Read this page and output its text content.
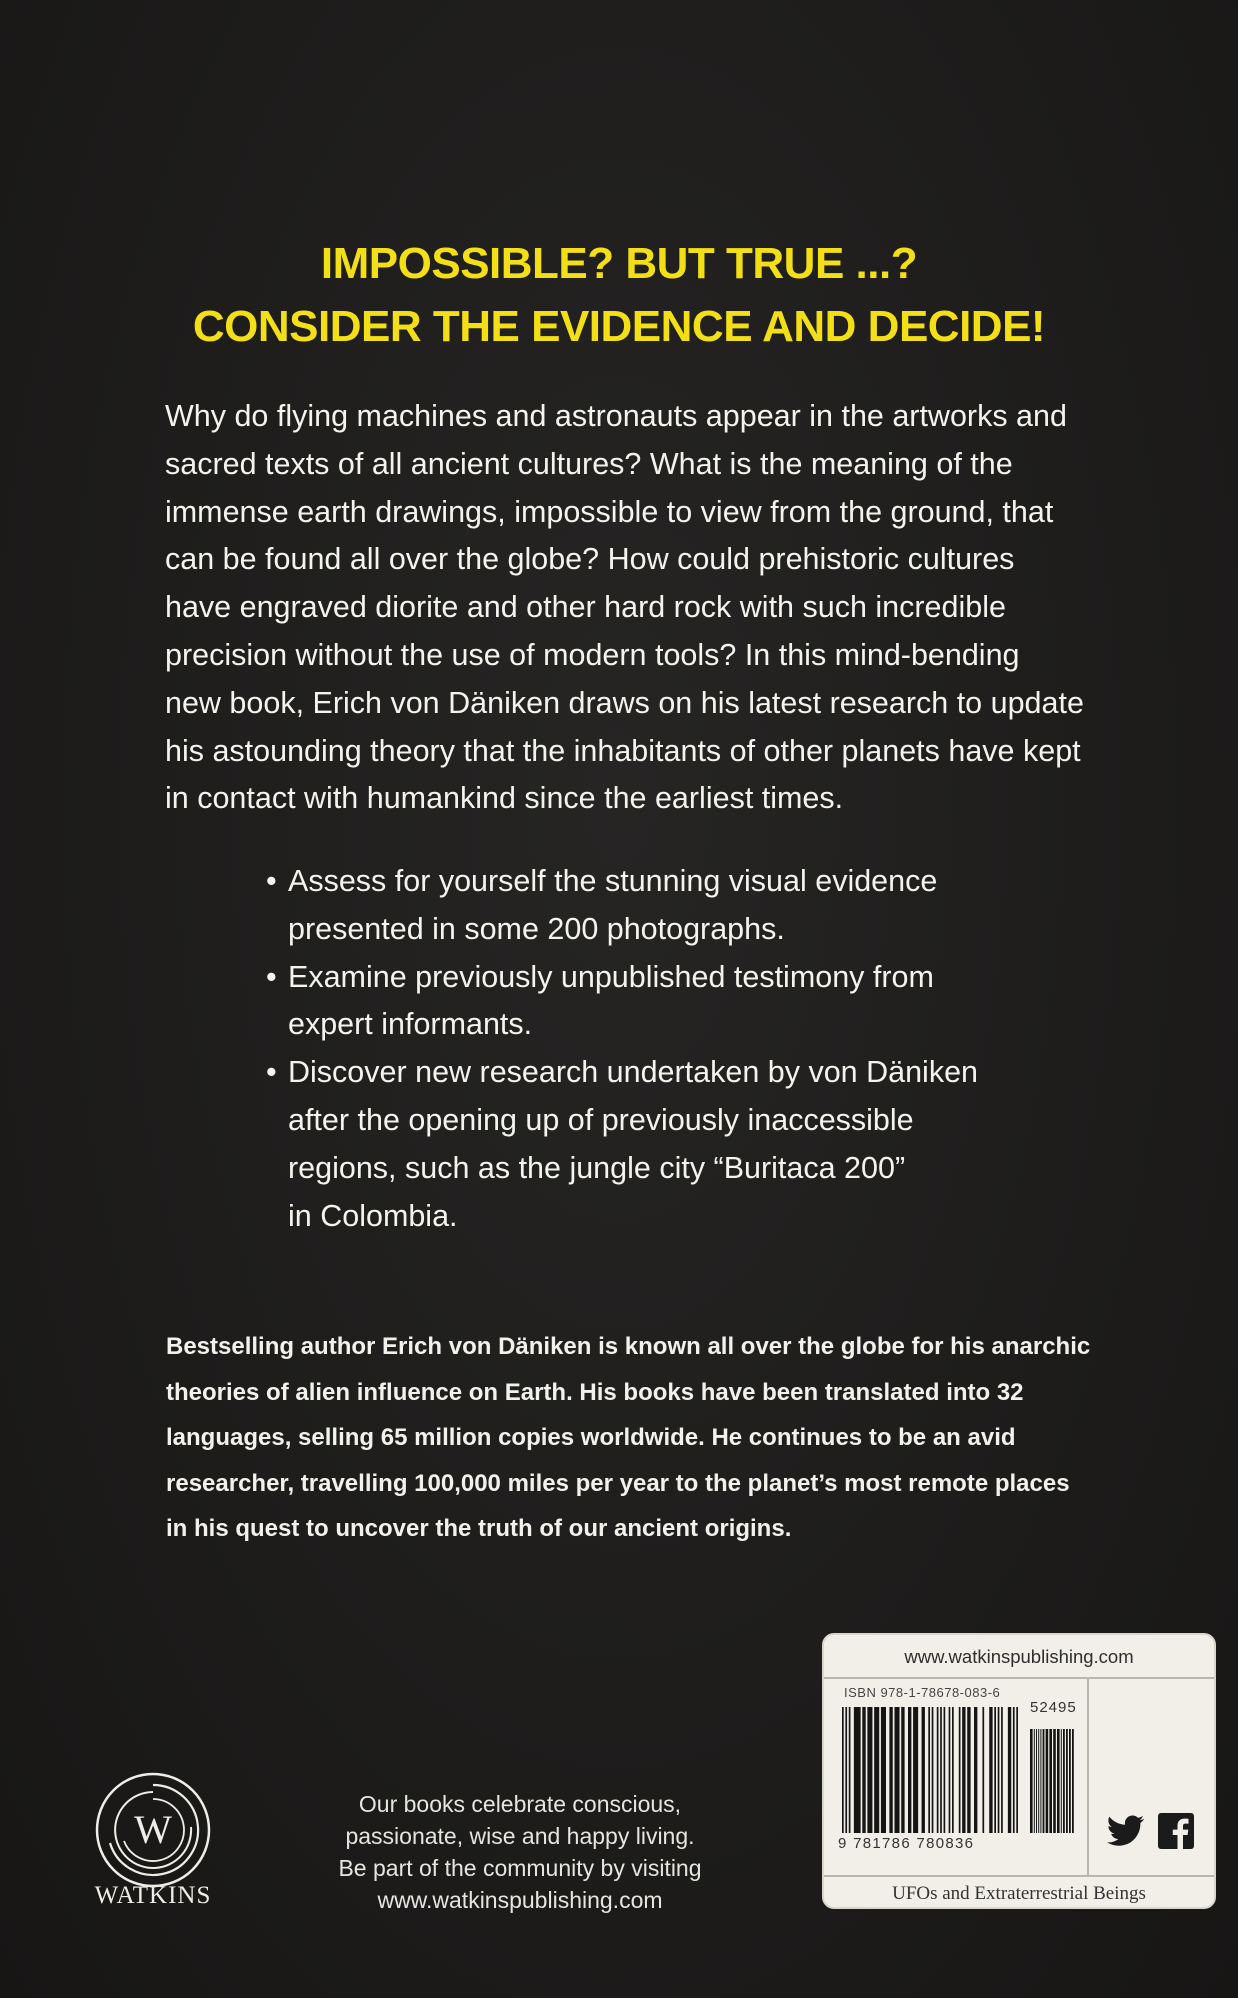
IMPOSSIBLE? BUT TRUE ...?
CONSIDER THE EVIDENCE AND DECIDE!
Why do flying machines and astronauts appear in the artworks and
sacred texts of all ancient cultures? What is the meaning of the
immense earth drawings, impossible to view from the ground, that
can be found all over the globe? How could prehistoric cultures
have engraved diorite and other hard rock with such incredible
precision without the use of modern tools? In this mind-bending
new book, Erich von Däniken draws on his latest research to update
his astounding theory that the inhabitants of other planets have kept
in contact with humankind since the earliest times.
• Assess for yourself the stunning visual evidence
presented in some 200 photographs.
• Examine previously unpublished testimony from
expert informants.
• Discover new research undertaken by von Däniken
after the opening up of previously inaccessible
regions, such as the jungle city “Buritaca 200”
in Colombia.
Bestselling author Erich von Däniken is known all over the globe for his anarchic
theories of alien influence on Earth. His books have been translated into 32
languages, selling 65 million copies worldwide. He continues to be an avid
researcher, travelling 100,000 miles per year to the planet’s most remote places
in his quest to uncover the truth of our ancient origins.
www.watkinspublishing.com
ISBN 978-1-78678-083-6
52495
9 781786 780836
UFOs and Extraterrestrial Beings
W
WATKINS
Our books celebrate conscious,
passionate, wise and happy living.
Be part of the community by visiting
www.watkinspublishing.com
